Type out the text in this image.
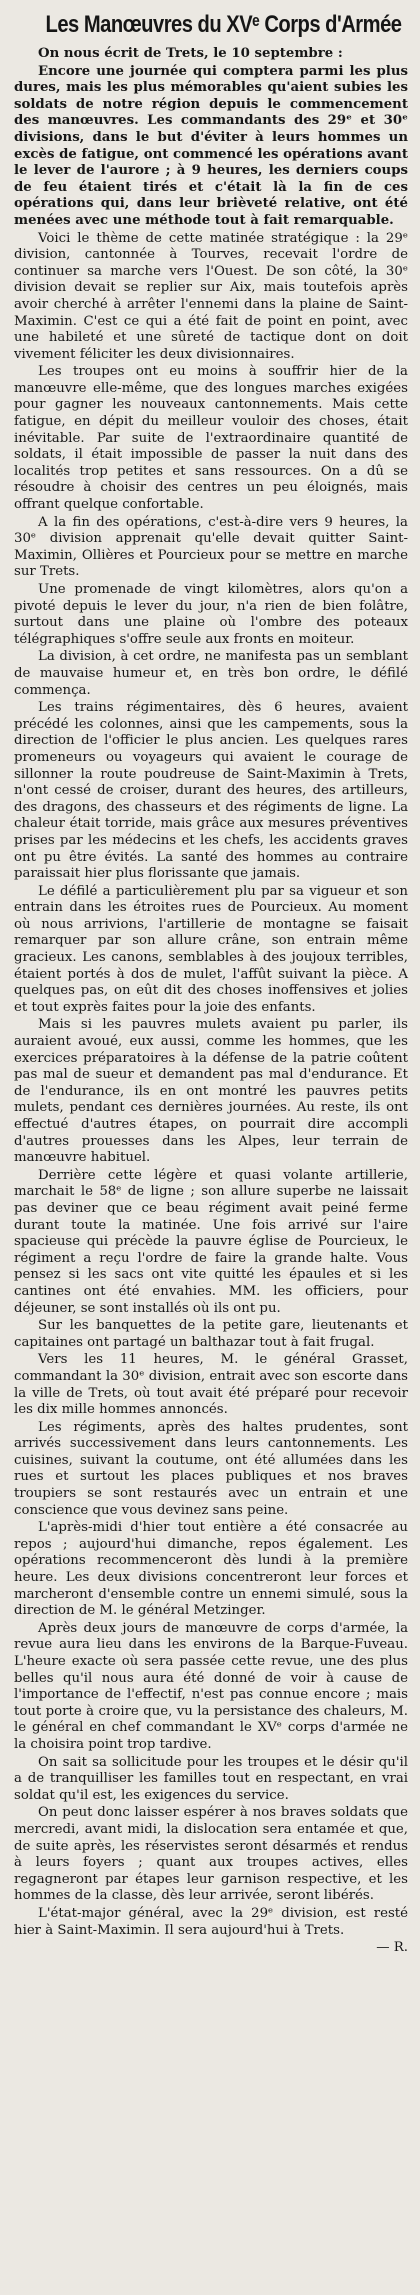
Les Manœuvres du XVᵉ Corps d'Armée

On nous écrit de Trets, le 10 septembre :

Encore une journée qui comptera parmi les plus dures, mais les plus mémorables qu'aient subies les soldats de notre région depuis le commencement des manœuvres. Les commandants des 29ᵉ et 30ᵉ divisions, dans le but d'éviter à leurs hommes un excès de fatigue, ont commencé les opérations avant le lever de l'aurore ; à 9 heures, les derniers coups de feu étaient tirés et c'était là la fin de ces opérations qui, dans leur brièveté relative, ont été menées avec une méthode tout à fait remarquable.

Voici le thème de cette matinée stratégique : la 29ᵉ division, cantonnée à Tourves, recevait l'ordre de continuer sa marche vers l'Ouest. De son côté, la 30ᵉ division devait se replier sur Aix, mais toutefois après avoir cherché à arrêter l'ennemi dans la plaine de Saint-Maximin. C'est ce qui a été fait de point en point, avec une habileté et une sûreté de tactique dont on doit vivement féliciter les deux divisionnaires.

Les troupes ont eu moins à souffrir hier de la manœuvre elle-même, que des longues marches exigées pour gagner les nouveaux cantonnements. Mais cette fatigue, en dépit du meilleur vouloir des choses, était inévitable. Par suite de l'extraordinaire quantité de soldats, il était impossible de passer la nuit dans des localités trop petites et sans ressources. On a dû se résoudre à choisir des centres un peu éloignés, mais offrant quelque confortable.

A la fin des opérations, c'est-à-dire vers 9 heures, la 30ᵉ division apprenait qu'elle devait quitter Saint-Maximin, Ollières et Pourcieux pour se mettre en marche sur Trets.

Une promenade de vingt kilomètres, alors qu'on a pivoté depuis le lever du jour, n'a rien de bien folâtre, surtout dans une plaine où l'ombre des poteaux télégraphiques s'offre seule aux fronts en moiteur.

La division, à cet ordre, ne manifesta pas un semblant de mauvaise humeur et, en très bon ordre, le défilé commença.

Les trains régimentaires, dès 6 heures, avaient précédé les colonnes, ainsi que les campements, sous la direction de l'officier le plus ancien. Les quelques rares promeneurs ou voyageurs qui avaient le courage de sillonner la route poudreuse de Saint-Maximin à Trets, n'ont cessé de croiser, durant des heures, des artilleurs, des dragons, des chasseurs et des régiments de ligne. La chaleur était torride, mais grâce aux mesures préventives prises par les médecins et les chefs, les accidents graves ont pu être évités. La santé des hommes au contraire paraissait hier plus florissante que jamais.

Le défilé a particulièrement plu par sa vigueur et son entrain dans les étroites rues de Pourcieux. Au moment où nous arrivions, l'artillerie de montagne se faisait remarquer par son allure crâne, son entrain même gracieux. Les canons, semblables à des joujoux terribles, étaient portés à dos de mulet, l'affût suivant la pièce. A quelques pas, on eût dit des choses inoffensives et jolies et tout exprès faites pour la joie des enfants.

Mais si les pauvres mulets avaient pu parler, ils auraient avoué, eux aussi, comme les hommes, que les exercices préparatoires à la défense de la patrie coûtent pas mal de sueur et demandent pas mal d'endurance. Et de l'endurance, ils en ont montré les pauvres petits mulets, pendant ces dernières journées. Au reste, ils ont effectué d'autres étapes, on pourrait dire accompli d'autres prouesses dans les Alpes, leur terrain de manœuvre habituel.

Derrière cette légère et quasi volante artillerie, marchait le 58ᵉ de ligne ; son allure superbe ne laissait pas deviner que ce beau régiment avait peiné ferme durant toute la matinée. Une fois arrivé sur l'aire spacieuse qui précède la pauvre église de Pourcieux, le régiment a reçu l'ordre de faire la grande halte. Vous pensez si les sacs ont vite quitté les épaules et si les cantines ont été envahies. MM. les officiers, pour déjeuner, se sont installés où ils ont pu.

Sur les banquettes de la petite gare, lieutenants et capitaines ont partagé un balthazar tout à fait frugal.

Vers les 11 heures, M. le général Grasset, commandant la 30ᵉ division, entrait avec son escorte dans la ville de Trets, où tout avait été préparé pour recevoir les dix mille hommes annoncés.

Les régiments, après des haltes prudentes, sont arrivés successivement dans leurs cantonnements. Les cuisines, suivant la coutume, ont été allumées dans les rues et surtout les places publiques et nos braves troupiers se sont restaurés avec un entrain et une conscience que vous devinez sans peine.

L'après-midi d'hier tout entière a été consacrée au repos ; aujourd'hui dimanche, repos également. Les opérations recommenceront dès lundi à la première heure. Les deux divisions concentreront leur forces et marcheront d'ensemble contre un ennemi simulé, sous la direction de M. le général Metzinger.

Après deux jours de manœuvre de corps d'armée, la revue aura lieu dans les environs de la Barque-Fuveau. L'heure exacte où sera passée cette revue, une des plus belles qu'il nous aura été donné de voir à cause de l'importance de l'effectif, n'est pas connue encore ; mais tout porte à croire que, vu la persistance des chaleurs, M. le général en chef commandant le XVᵉ corps d'armée ne la choisira point trop tardive.

On sait sa sollicitude pour les troupes et le désir qu'il a de tranquilliser les familles tout en respectant, en vrai soldat qu'il est, les exigences du service.

On peut donc laisser espérer à nos braves soldats que mercredi, avant midi, la dislocation sera entamée et que, de suite après, les réservistes seront désarmés et rendus à leurs foyers ; quant aux troupes actives, elles regagneront par étapes leur garnison respective, et les hommes de la classe, dès leur arrivée, seront libérés.

L'état-major général, avec la 29ᵉ division, est resté hier à Saint-Maximin. Il sera aujourd'hui à Trets.

— R.
